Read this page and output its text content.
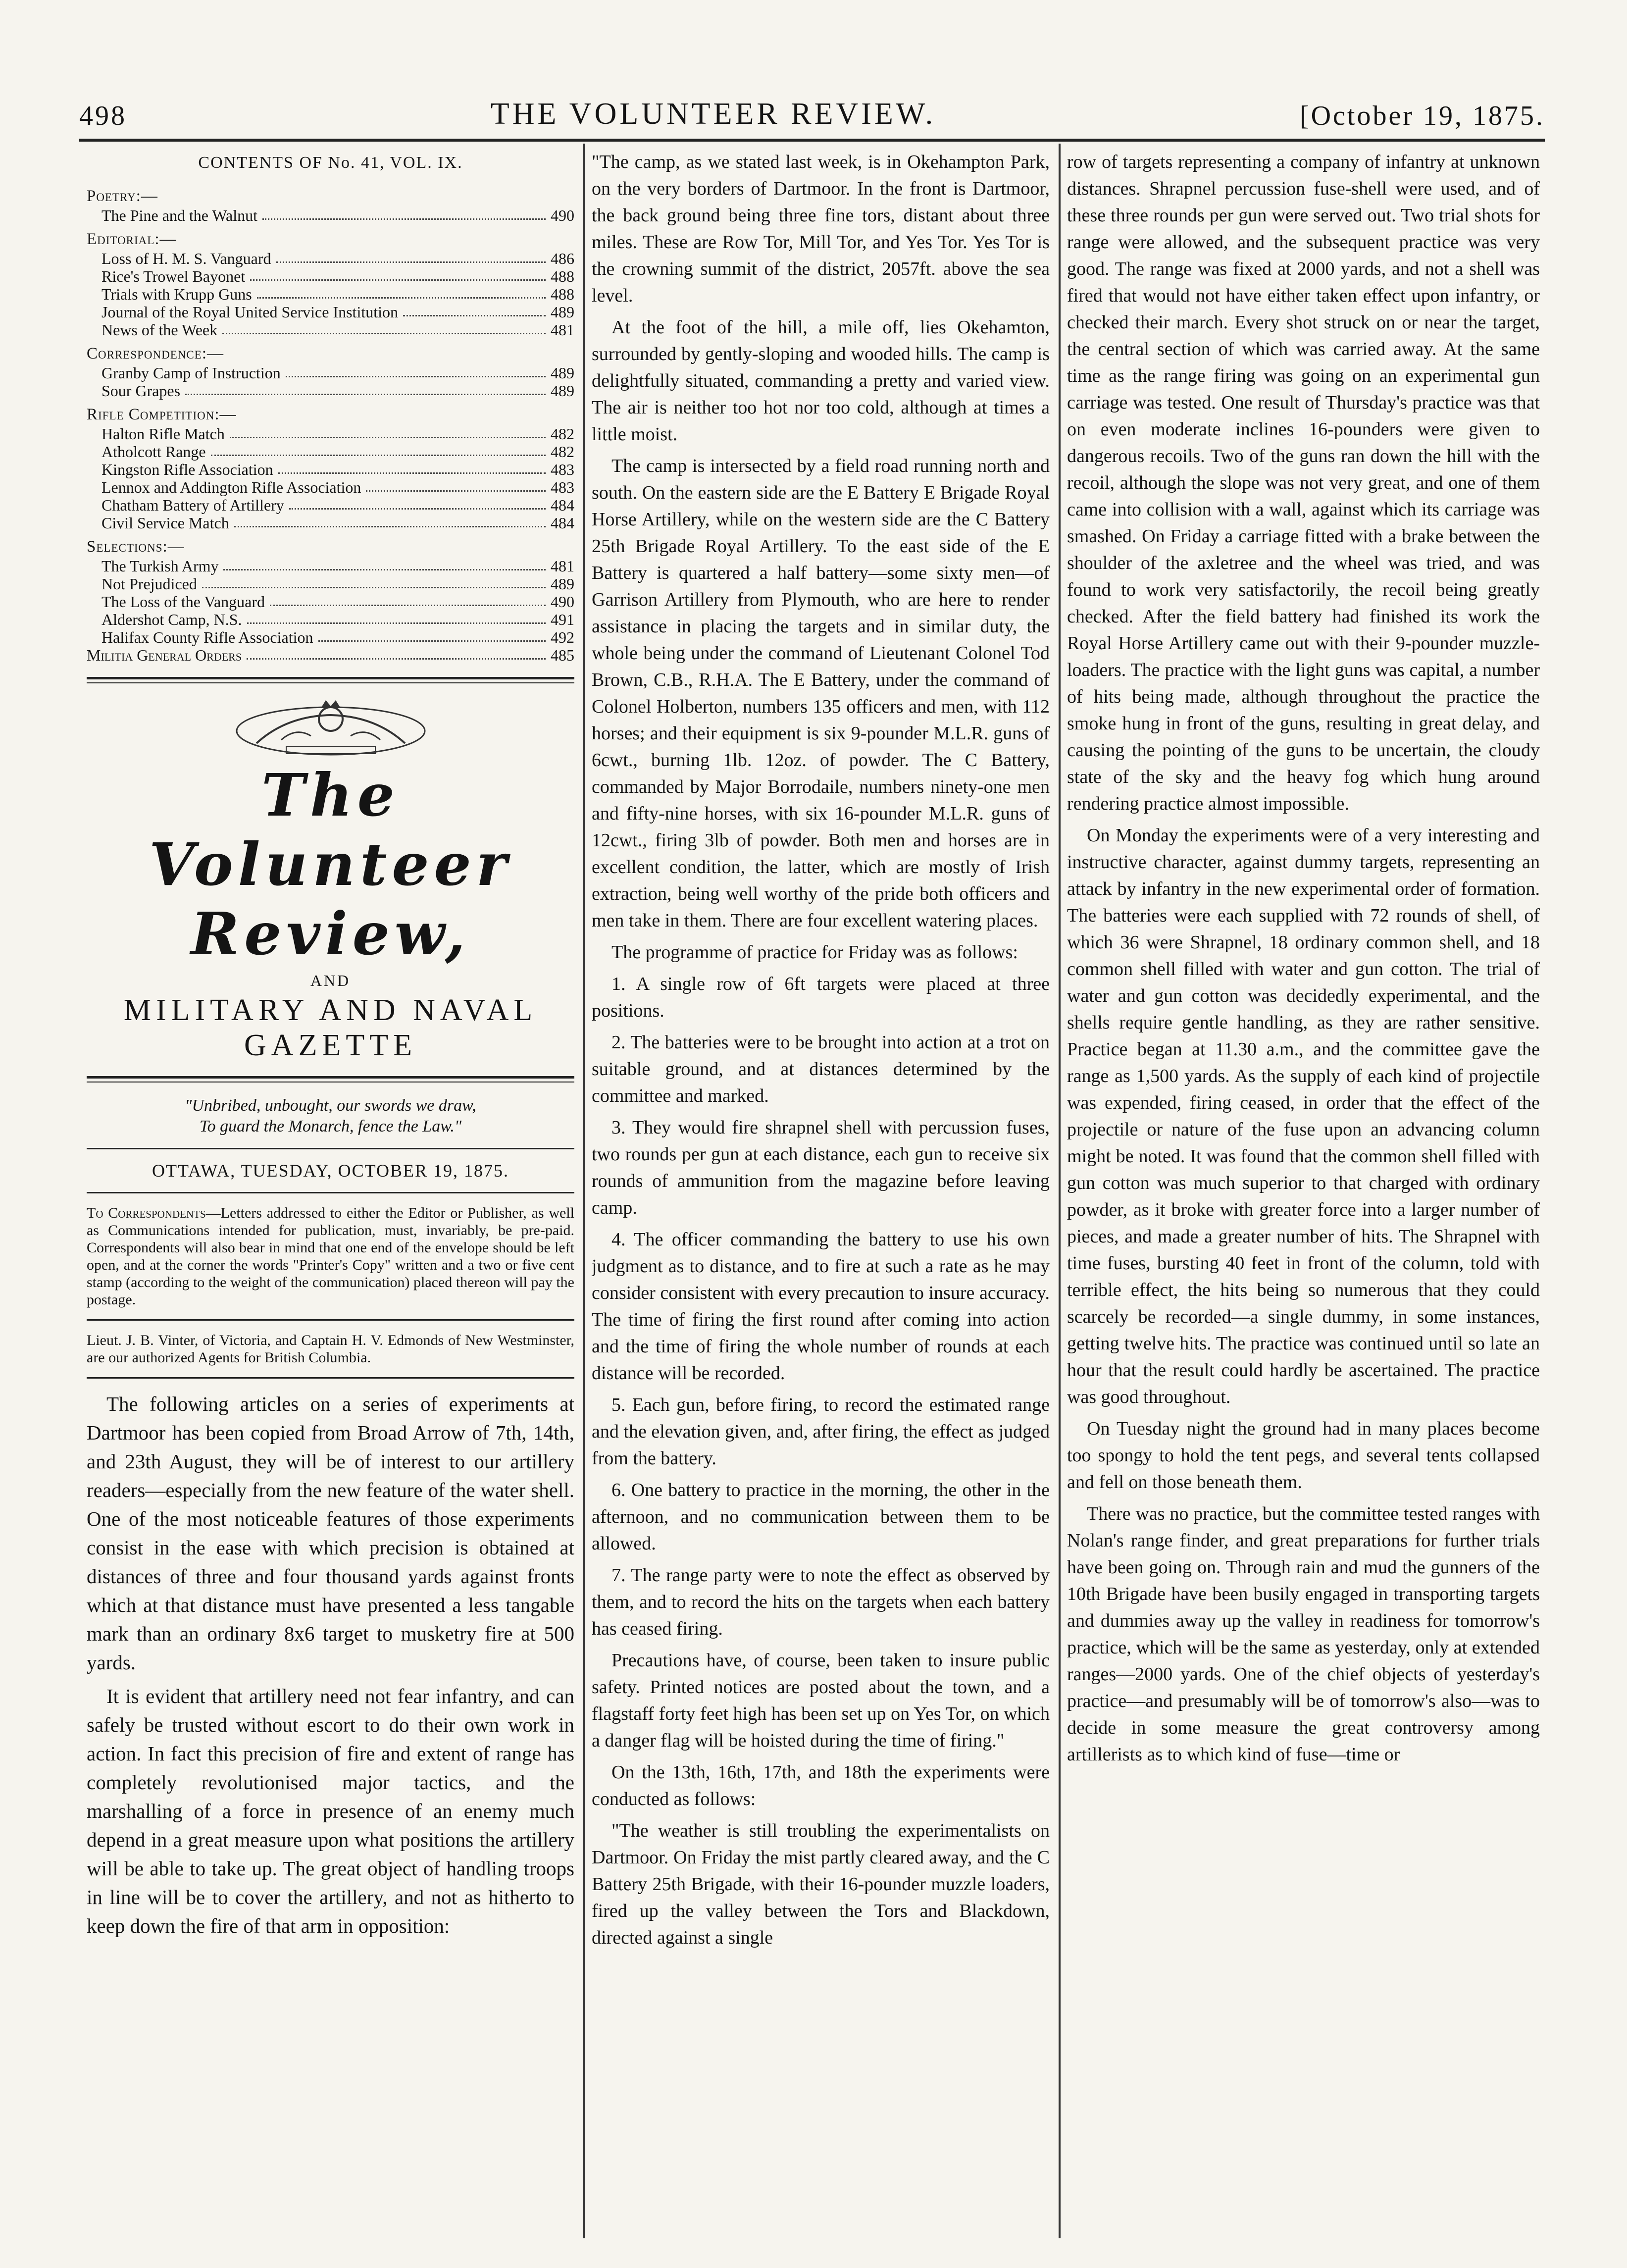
498	THE VOLUNTEER REVIEW.	[October 19, 1875.
CONTENTS OF No. 41, VOL. IX.
Poetry:—
The Pine and the Walnut	490
Editorial:—
Loss of H. M. S. Vanguard	486
Rice's Trowel Bayonet	488
Trials with Krupp Guns	488
Journal of the Royal United Service Institution	489
News of the Week	481
Correspondence:—
Granby Camp of Instruction	489
Sour Grapes	489
Rifle Competition:—
Halton Rifle Match	482
Atholcott Range	482
Kingston Rifle Association	483
Lennox and Addington Rifle Association	483
Chatham Battery of Artillery	484
Civil Service Match	484
Selections:—
The Turkish Army	481
Not Prejudiced	489
The Loss of the Vanguard	490
Aldershot Camp, N.S.	491
Halifax County Rifle Association	492
Militia General Orders	485
The Volunteer Review,
AND
MILITARY AND NAVAL GAZETTE
"Unbribed, unbought, our swords we draw,
To guard the Monarch, fence the Law."
OTTAWA, TUESDAY, OCTOBER 19, 1875.
To Correspondents—Letters addressed to either the Editor or Publisher, as well as Communications intended for publication, must, invariably, be pre-paid. Correspondents will also bear in mind that one end of the envelope should be left open, and at the corner the words "Printer's Copy" written and a two or five cent stamp (according to the weight of the communication) placed thereon will pay the postage.
Lieut. J. B. Vinter, of Victoria, and Captain H. V. Edmonds of New Westminster, are our authorized Agents for British Columbia.

The following articles on a series of experiments at Dartmoor has been copied from Broad Arrow of 7th, 14th, and 23th August, they will be of interest to our artillery readers—especially from the new feature of the water shell. One of the most noticeable features of those experiments consist in the ease with which precision is obtained at distances of three and four thousand yards against fronts which at that distance must have presented a less tangable mark than an ordinary 8x6 target to musketry fire at 500 yards.

It is evident that artillery need not fear infantry, and can safely be trusted without escort to do their own work in action. In fact this precision of fire and extent of range has completely revolutionised major tactics, and the marshalling of a force in presence of an enemy much depend in a great measure upon what positions the artillery will be able to take up. The great object of handling troops in line will be to cover the artillery, and not as hitherto to keep down the fire of that arm in opposition:

"The camp, as we stated last week, is in Okehampton Park, on the very borders of Dartmoor. In the front is Dartmoor, the back ground being three fine tors, distant about three miles. These are Row Tor, Mill Tor, and Yes Tor. Yes Tor is the crowning summit of the district, 2057ft. above the sea level.

At the foot of the hill, a mile off, lies Okehamton, surrounded by gently-sloping and wooded hills. The camp is delightfully situated, commanding a pretty and varied view. The air is neither too hot nor too cold, although at times a little moist.

The camp is intersected by a field road running north and south. On the eastern side are the E Battery E Brigade Royal Horse Artillery, while on the western side are the C Battery 25th Brigade Royal Artillery. To the east side of the E Battery is quartered a half battery—some sixty men—of Garrison Artillery from Plymouth, who are here to render assistance in placing the targets and in similar duty, the whole being under the command of Lieutenant Colonel Tod Brown, C.B., R.H.A. The E Battery, under the command of Colonel Holberton, numbers 135 officers and men, with 112 horses; and their equipment is six 9-pounder M.L.R. guns of 6cwt., burning 1lb. 12oz. of powder. The C Battery, commanded by Major Borrodaile, numbers ninety-one men and fifty-nine horses, with six 16-pounder M.L.R. guns of 12cwt., firing 3lb of powder. Both men and horses are in excellent condition, the latter, which are mostly of Irish extraction, being well worthy of the pride both officers and men take in them. There are four excellent watering places.

The programme of practice for Friday was as follows:

1. A single row of 6ft targets were placed at three positions.

2. The batteries were to be brought into action at a trot on suitable ground, and at distances determined by the committee and marked.

3. They would fire shrapnel shell with percussion fuses, two rounds per gun at each distance, each gun to receive six rounds of ammunition from the magazine before leaving camp.

4. The officer commanding the battery to use his own judgment as to distance, and to fire at such a rate as he may consider consistent with every precaution to insure accuracy. The time of firing the first round after coming into action and the time of firing the whole number of rounds at each distance will be recorded.

5. Each gun, before firing, to record the estimated range and the elevation given, and, after firing, the effect as judged from the battery.

6. One battery to practice in the morning, the other in the afternoon, and no communication between them to be allowed.

7. The range party were to note the effect as observed by them, and to record the hits on the targets when each battery has ceased firing.

Precautions have, of course, been taken to insure public safety. Printed notices are posted about the town, and a flagstaff forty feet high has been set up on Yes Tor, on which a danger flag will be hoisted during the time of firing."

On the 13th, 16th, 17th, and 18th the experiments were conducted as follows:

"The weather is still troubling the experimentalists on Dartmoor. On Friday the mist partly cleared away, and the C Battery 25th Brigade, with their 16-pounder muzzle loaders, fired up the valley between the Tors and Blackdown, directed against a single

row of targets representing a company of infantry at unknown distances. Shrapnel percussion fuse-shell were used, and of these three rounds per gun were served out. Two trial shots for range were allowed, and the subsequent practice was very good. The range was fixed at 2000 yards, and not a shell was fired that would not have either taken effect upon infantry, or checked their march. Every shot struck on or near the target, the central section of which was carried away. At the same time as the range firing was going on an experimental gun carriage was tested. One result of Thursday's practice was that on even moderate inclines 16-pounders were given to dangerous recoils. Two of the guns ran down the hill with the recoil, although the slope was not very great, and one of them came into collision with a wall, against which its carriage was smashed. On Friday a carriage fitted with a brake between the shoulder of the axletree and the wheel was tried, and was found to work very satisfactorily, the recoil being greatly checked. After the field battery had finished its work the Royal Horse Artillery came out with their 9-pounder muzzle-loaders. The practice with the light guns was capital, a number of hits being made, although throughout the practice the smoke hung in front of the guns, resulting in great delay, and causing the pointing of the guns to be uncertain, the cloudy state of the sky and the heavy fog which hung around rendering practice almost impossible.

On Monday the experiments were of a very interesting and instructive character, against dummy targets, representing an attack by infantry in the new experimental order of formation. The batteries were each supplied with 72 rounds of shell, of which 36 were Shrapnel, 18 ordinary common shell, and 18 common shell filled with water and gun cotton. The trial of water and gun cotton was decidedly experimental, and the shells require gentle handling, as they are rather sensitive. Practice began at 11.30 a.m., and the committee gave the range as 1,500 yards. As the supply of each kind of projectile was expended, firing ceased, in order that the effect of the projectile or nature of the fuse upon an advancing column might be noted. It was found that the common shell filled with gun cotton was much superior to that charged with ordinary powder, as it broke with greater force into a larger number of pieces, and made a greater number of hits. The Shrapnel with time fuses, bursting 40 feet in front of the column, told with terrible effect, the hits being so numerous that they could scarcely be recorded—a single dummy, in some instances, getting twelve hits. The practice was continued until so late an hour that the result could hardly be ascertained. The practice was good throughout.

On Tuesday night the ground had in many places become too spongy to hold the tent pegs, and several tents collapsed and fell on those beneath them.

There was no practice, but the committee tested ranges with Nolan's range finder, and great preparations for further trials have been going on. Through rain and mud the gunners of the 10th Brigade have been busily engaged in transporting targets and dummies away up the valley in readiness for tomorrow's practice, which will be the same as yesterday, only at extended ranges—2000 yards. One of the chief objects of yesterday's practice—and presumably will be of tomorrow's also—was to decide in some measure the great controversy among artillerists as to which kind of fuse—time or
